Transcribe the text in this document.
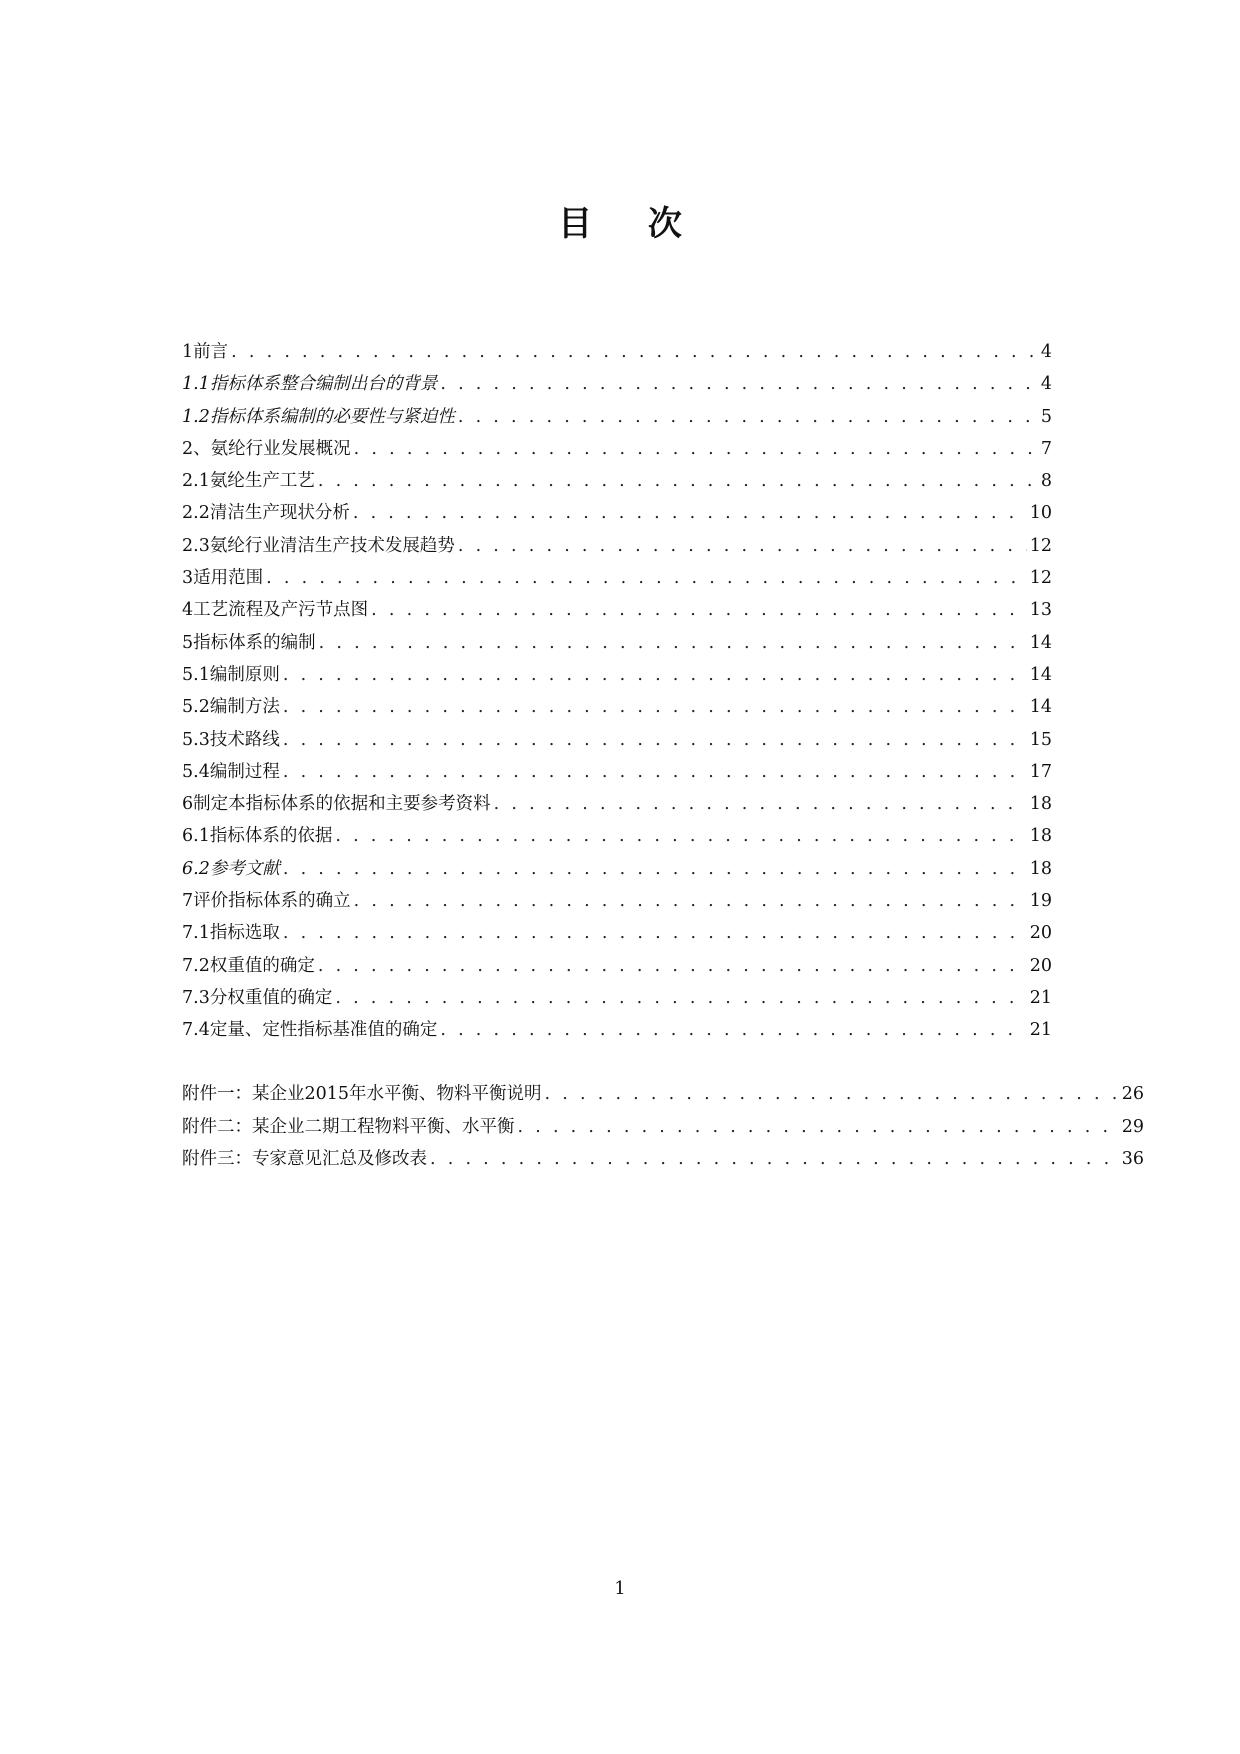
目 次
1 前言 . . .	4
1.1 指标体系整合编制出台的背景 . . .	4
1.2 指标体系编制的必要性与紧迫性 . . .	5
2、 氨纶行业发展概况 . . .	7
2.1 氨纶生产工艺 . . .	8
2.2 清洁生产现状分析 . . .	10
2.3 氨纶行业清洁生产技术发展趋势 . . .	12
3 适用范围 . . .	12
4 工艺流程及产污节点图 . . .	13
5 指标体系的编制 . . .	14
5.1 编制原则 . . .	14
5.2 编制方法 . . .	14
5.3 技术路线 . . .	15
5.4 编制过程 . . .	17
6 制定本指标体系的依据和主要参考资料 . . .	18
6.1 指标体系的依据 . . .	18
6.2 参考文献 . . .	18
7 评价指标体系的确立 . . .	19
7.1 指标选取 . . .	20
7.2 权重值的确定 . . .	20
7.3 分权重值的确定 . . .	21
7.4 定量、定性指标基准值的确定 . . .	21
附件一：某企业2015年水平衡、物料平衡说明 . . .	26
附件二：某企业二期工程物料平衡、水平衡 . . .	29
附件三：专家意见汇总及修改表 . . .	36
1
